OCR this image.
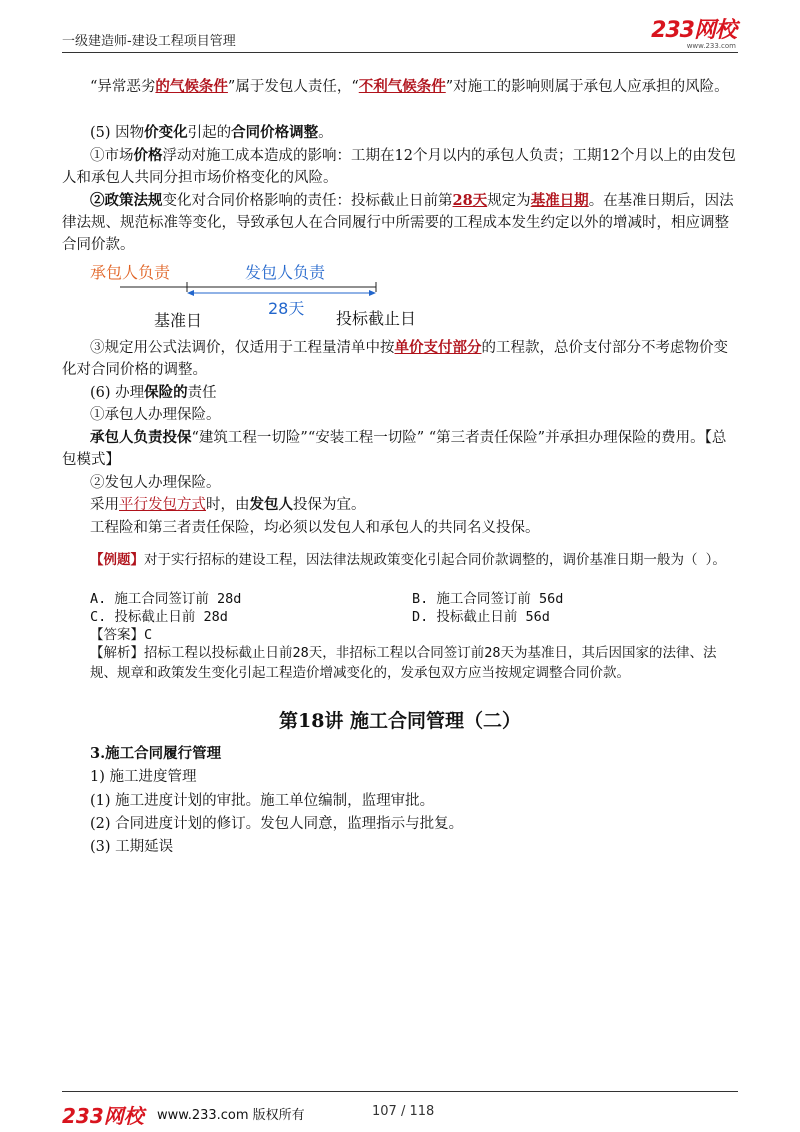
一级建造师-建设工程项目管理	233网校
www.233.com
“异常恶劣的气候条件”属于发包人责任，“不利气候条件”对施工的影响则属于承包人应承担的风险。
(5) 因物价变化引起的合同价格调整。
①市场价格浮动对施工成本造成的影响：工期在12个月以内的承包人负责；工期12个月以上的由发包人和承包人共同分担市场价格变化的风险。
②政策法规变化对合同价格影响的责任：投标截止日前第28天规定为基准日期。在基准日期后，因法律法规、规范标准等变化，导致承包人在合同履行中所需要的工程成本发生约定以外的增减时，相应调整合同价款。
承包人负责	发包人负责
28天
基准日	投标截止日
③规定用公式法调价，仅适用于工程量清单中按单价支付部分的工程款，总价支付部分不考虑物价变化对合同价格的调整。
(6) 办理保险的责任
①承包人办理保险。
承包人负责投保“建筑工程一切险”“安装工程一切险” “第三者责任保险”并承担办理保险的费用。【总包模式】
②发包人办理保险。
采用平行发包方式时，由发包人投保为宜。
工程险和第三者责任保险，均必须以发包人和承包人的共同名义投保。
【例题】对于实行招标的建设工程，因法律法规政策变化引起合同价款调整的，调价基准日期一般为（ ）。
A. 施工合同签订前 28d	B. 施工合同签订前 56d
C. 投标截止日前 28d	D. 投标截止日前 56d
【答案】C
【解析】招标工程以投标截止日前28天，非招标工程以合同签订前28天为基准日，其后因国家的法律、法规、规章和政策发生变化引起工程造价增减变化的，发承包双方应当按规定调整合同价款。
第18讲 施工合同管理（二）
3.施工合同履行管理
1) 施工进度管理
(1) 施工进度计划的审批。施工单位编制，监理审批。
(2) 合同进度计划的修订。发包人同意，监理指示与批复。
(3) 工期延误
233网校 www.233.com 版权所有	107 / 118
